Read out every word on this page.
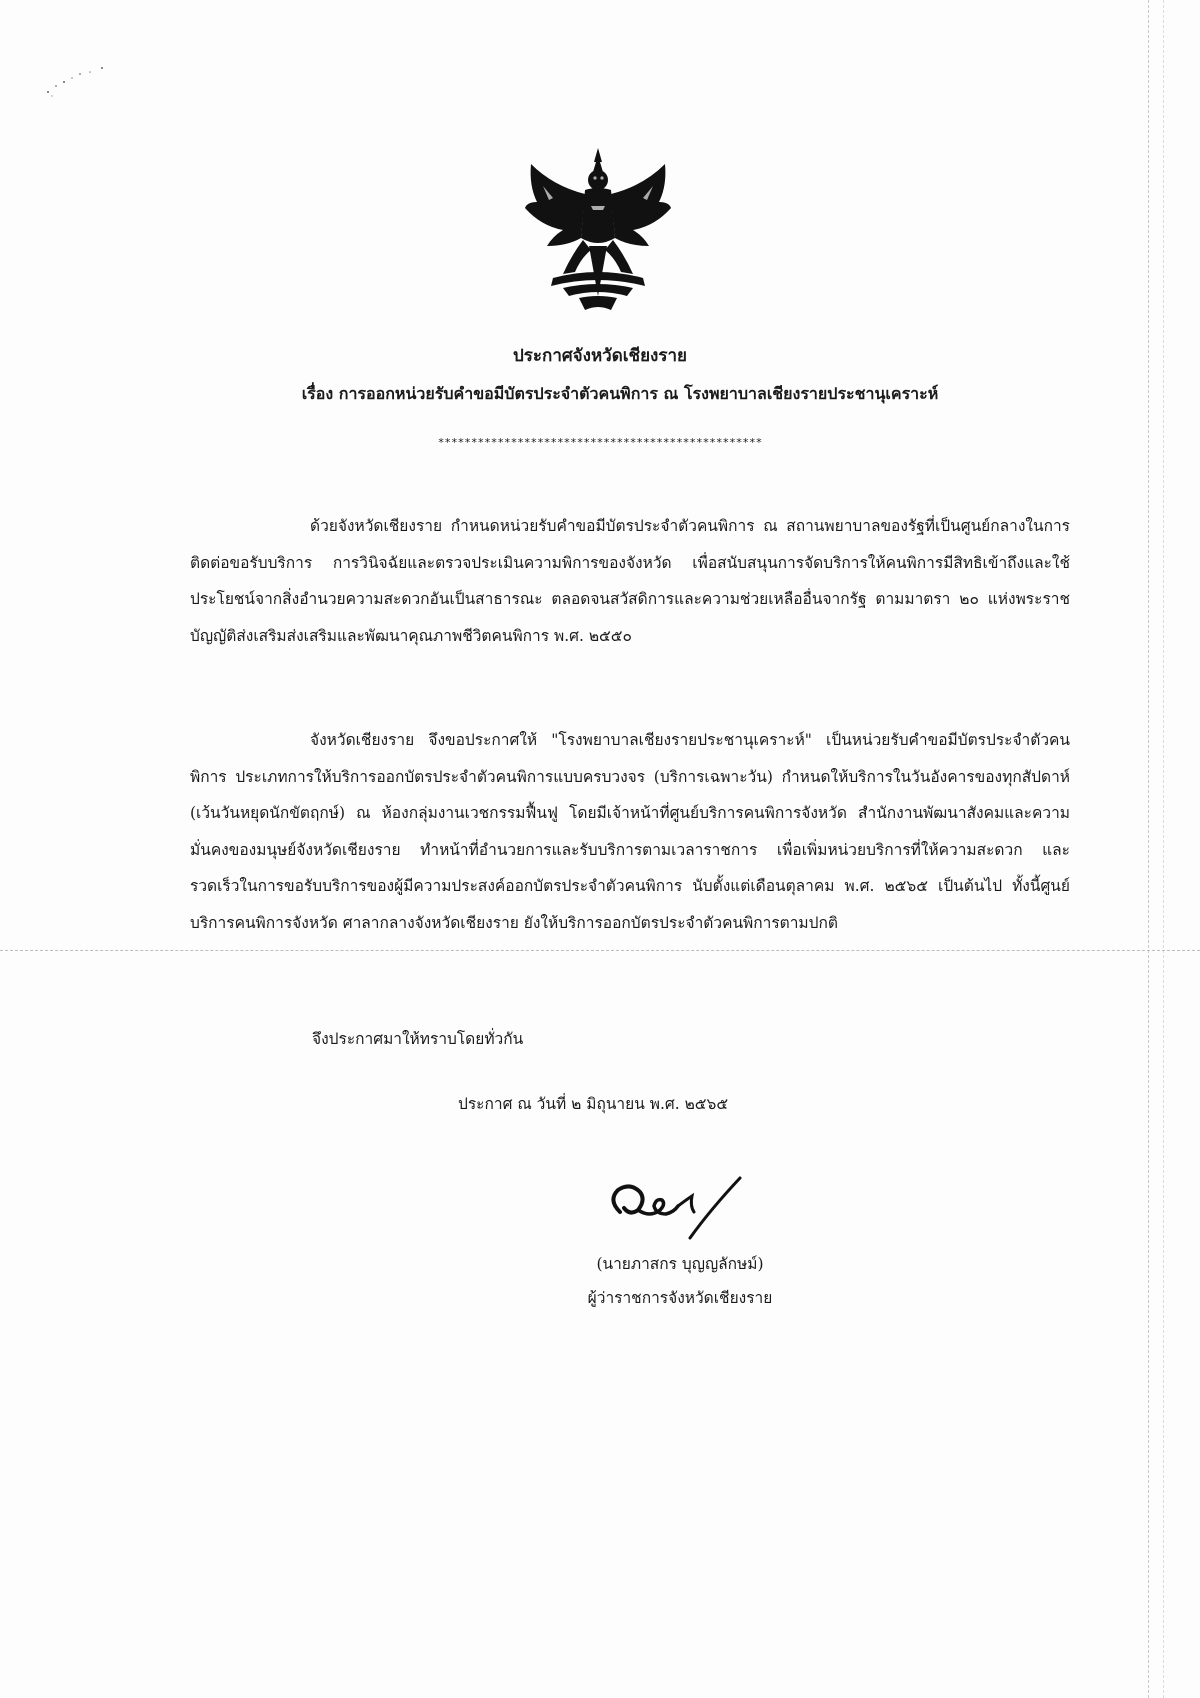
ประกาศจังหวัดเชียงราย
เรื่อง การออกหน่วยรับคำขอมีบัตรประจำตัวคนพิการ ณ โรงพยาบาลเชียงรายประชานุเคราะห์
*************************************************

ด้วยจังหวัดเชียงราย กำหนดหน่วยรับคำขอมีบัตรประจำตัวคนพิการ ณ สถานพยาบาลของรัฐที่เป็นศูนย์กลางในการติดต่อขอรับบริการ การวินิจฉัยและตรวจประเมินความพิการของจังหวัด เพื่อสนับสนุนการจัดบริการให้คนพิการมีสิทธิเข้าถึงและใช้ประโยชน์จากสิ่งอำนวยความสะดวกอันเป็นสาธารณะ ตลอดจนสวัสดิการและความช่วยเหลืออื่นจากรัฐ ตามมาตรา ๒๐ แห่งพระราชบัญญัติส่งเสริมส่งเสริมและพัฒนาคุณภาพชีวิตคนพิการ พ.ศ. ๒๕๕๐

จังหวัดเชียงราย จึงขอประกาศให้ "โรงพยาบาลเชียงรายประชานุเคราะห์" เป็นหน่วยรับคำขอมีบัตรประจำตัวคนพิการ ประเภทการให้บริการออกบัตรประจำตัวคนพิการแบบครบวงจร (บริการเฉพาะวัน) กำหนดให้บริการในวันอังคารของทุกสัปดาห์ (เว้นวันหยุดนักขัตฤกษ์) ณ ห้องกลุ่มงานเวชกรรมฟื้นฟู โดยมีเจ้าหน้าที่ศูนย์บริการคนพิการจังหวัด สำนักงานพัฒนาสังคมและความมั่นคงของมนุษย์จังหวัดเชียงราย ทำหน้าที่อำนวยการและรับบริการตามเวลาราชการ เพื่อเพิ่มหน่วยบริการที่ให้ความสะดวก และรวดเร็วในการขอรับบริการของผู้มีความประสงค์ออกบัตรประจำตัวคนพิการ นับตั้งแต่เดือนตุลาคม พ.ศ. ๒๕๖๕ เป็นต้นไป ทั้งนี้ศูนย์บริการคนพิการจังหวัด ศาลากลางจังหวัดเชียงราย ยังให้บริการออกบัตรประจำตัวคนพิการตามปกติ

จึงประกาศมาให้ทราบโดยทั่วกัน
ประกาศ ณ วันที่ ๒ มิถุนายน พ.ศ. ๒๕๖๕
(นายภาสกร บุญญลักษม์)
ผู้ว่าราชการจังหวัดเชียงราย
